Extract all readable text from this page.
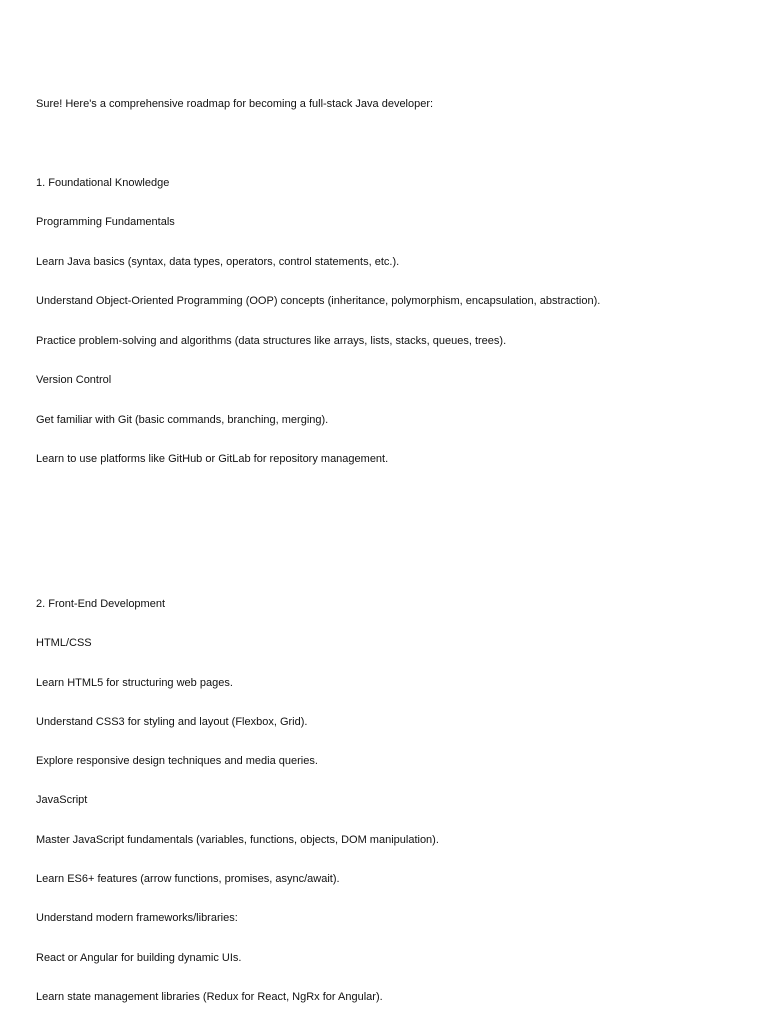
Sure! Here's a comprehensive roadmap for becoming a full-stack Java developer:
1. Foundational Knowledge
Programming Fundamentals
Learn Java basics (syntax, data types, operators, control statements, etc.).
Understand Object-Oriented Programming (OOP) concepts (inheritance, polymorphism, encapsulation, abstraction).
Practice problem-solving and algorithms (data structures like arrays, lists, stacks, queues, trees).
Version Control
Get familiar with Git (basic commands, branching, merging).
Learn to use platforms like GitHub or GitLab for repository management.
2. Front-End Development
HTML/CSS
Learn HTML5 for structuring web pages.
Understand CSS3 for styling and layout (Flexbox, Grid).
Explore responsive design techniques and media queries.
JavaScript
Master JavaScript fundamentals (variables, functions, objects, DOM manipulation).
Learn ES6+ features (arrow functions, promises, async/await).
Understand modern frameworks/libraries:
React or Angular for building dynamic UIs.
Learn state management libraries (Redux for React, NgRx for Angular).
